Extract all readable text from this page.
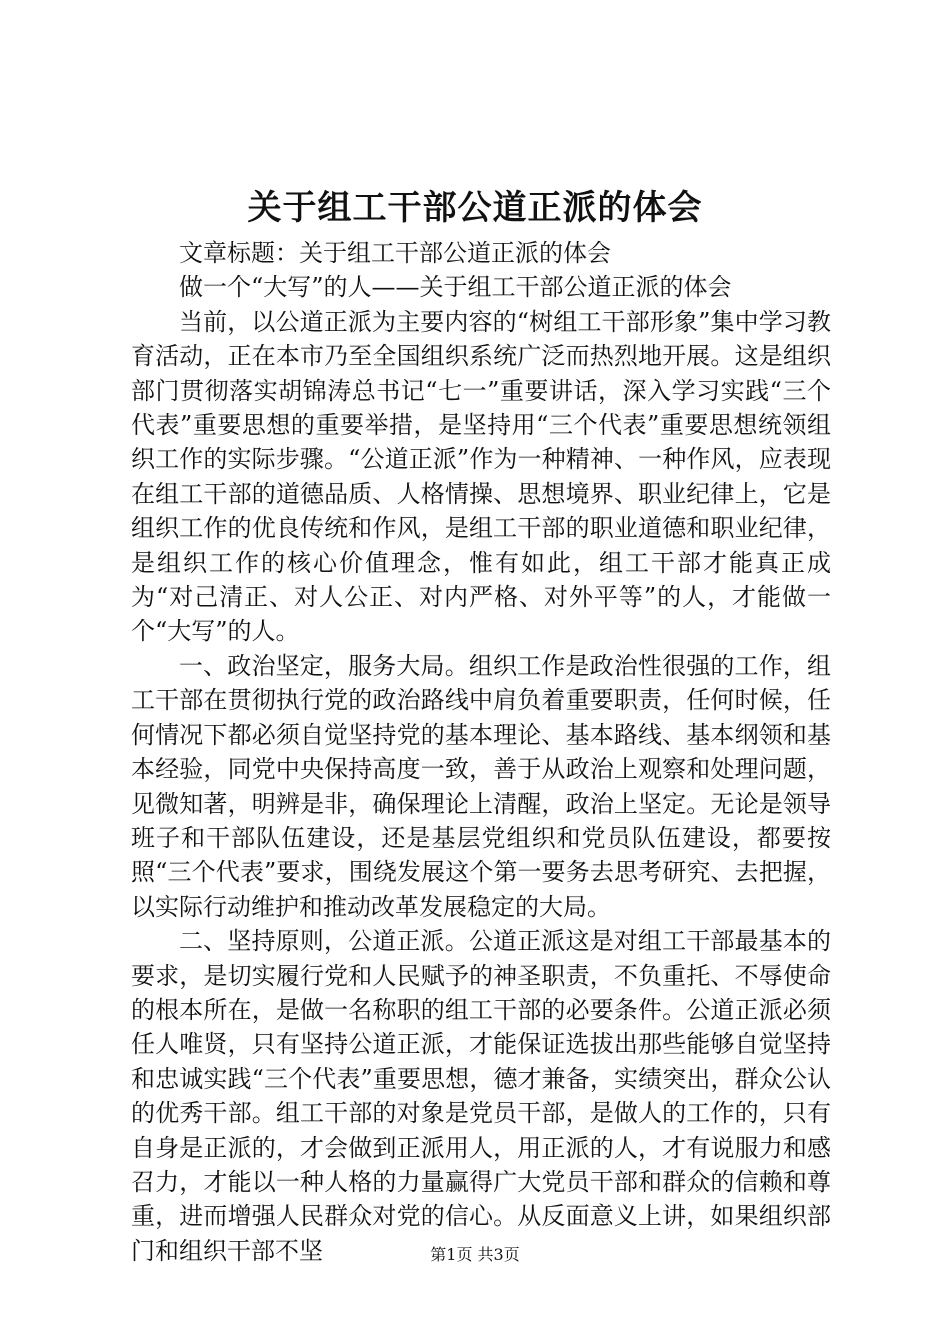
关于组工干部公道正派的体会

文章标题：关于组工干部公道正派的体会

做一个“大写”的人——关于组工干部公道正派的体会

当前，以公道正派为主要内容的“树组工干部形象”集中学习教育活动，正在本市乃至全国组织系统广泛而热烈地开展。这是组织部门贯彻落实胡锦涛总书记“七一”重要讲话，深入学习实践“三个代表”重要思想的重要举措，是坚持用“三个代表”重要思想统领组织工作的实际步骤。“公道正派”作为一种精神、一种作风，应表现在组工干部的道德品质、人格情操、思想境界、职业纪律上，它是组织工作的优良传统和作风，是组工干部的职业道德和职业纪律，是组织工作的核心价值理念，惟有如此，组工干部才能真正成为“对己清正、对人公正、对内严格、对外平等”的人，才能做一个“大写”的人。

一、政治坚定，服务大局。组织工作是政治性很强的工作，组工干部在贯彻执行党的政治路线中肩负着重要职责，任何时候，任何情况下都必须自觉坚持党的基本理论、基本路线、基本纲领和基本经验，同党中央保持高度一致，善于从政治上观察和处理问题，见微知著，明辨是非，确保理论上清醒，政治上坚定。无论是领导班子和干部队伍建设，还是基层党组织和党员队伍建设，都要按照“三个代表”要求，围绕发展这个第一要务去思考研究、去把握，以实际行动维护和推动改革发展稳定的大局。

二、坚持原则，公道正派。公道正派这是对组工干部最基本的要求，是切实履行党和人民赋予的神圣职责，不负重托、不辱使命的根本所在，是做一名称职的组工干部的必要条件。公道正派必须任人唯贤，只有坚持公道正派，才能保证选拔出那些能够自觉坚持和忠诚实践“三个代表”重要思想，德才兼备，实绩突出，群众公认的优秀干部。组工干部的对象是党员干部，是做人的工作的，只有自身是正派的，才会做到正派用人，用正派的人，才有说服力和感召力，才能以一种人格的力量赢得广大党员干部和群众的信赖和尊重，进而增强人民群众对党的信心。从反面意义上讲，如果组织部门和组织干部不坚	第1页 共3页
